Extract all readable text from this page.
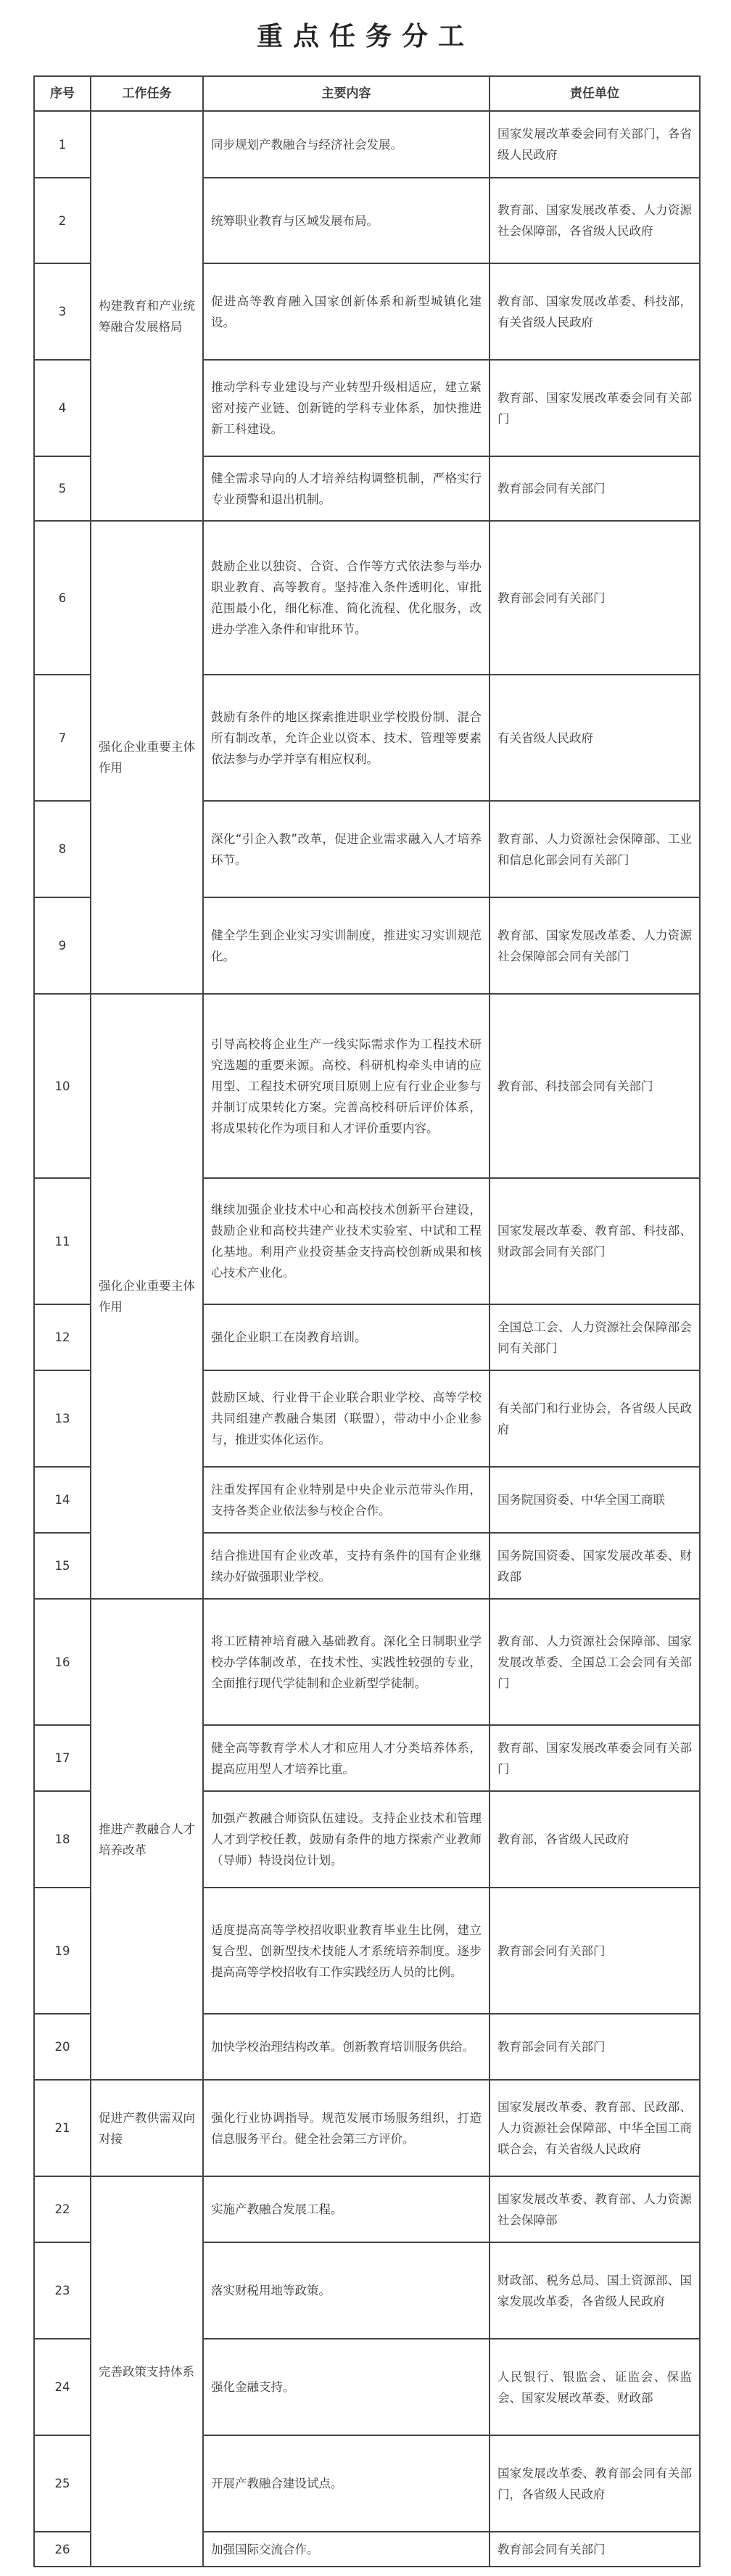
重点任务分工
序号	工作任务	主要内容	责任单位
1	构建教育和产业统筹融合发展格局	同步规划产教融合与经济社会发展。	国家发展改革委会同有关部门，各省级人民政府
2		统筹职业教育与区域发展布局。	教育部、国家发展改革委、人力资源社会保障部，各省级人民政府
3		促进高等教育融入国家创新体系和新型城镇化建设。	教育部、国家发展改革委、科技部，有关省级人民政府
4		推动学科专业建设与产业转型升级相适应，建立紧密对接产业链、创新链的学科专业体系，加快推进新工科建设。	教育部、国家发展改革委会同有关部门
5		健全需求导向的人才培养结构调整机制，严格实行专业预警和退出机制。	教育部会同有关部门
6	强化企业重要主体作用	鼓励企业以独资、合资、合作等方式依法参与举办职业教育、高等教育。坚持准入条件透明化、审批范围最小化，细化标准、简化流程、优化服务，改进办学准入条件和审批环节。	教育部会同有关部门
7		鼓励有条件的地区探索推进职业学校股份制、混合所有制改革，允许企业以资本、技术、管理等要素依法参与办学并享有相应权利。	有关省级人民政府
8		深化“引企入教”改革，促进企业需求融入人才培养环节。	教育部、人力资源社会保障部、工业和信息化部会同有关部门
9		健全学生到企业实习实训制度，推进实习实训规范化。	教育部、国家发展改革委、人力资源社会保障部会同有关部门
10	强化企业重要主体作用	引导高校将企业生产一线实际需求作为工程技术研究选题的重要来源。高校、科研机构牵头申请的应用型、工程技术研究项目原则上应有行业企业参与并制订成果转化方案。完善高校科研后评价体系，将成果转化作为项目和人才评价重要内容。	教育部、科技部会同有关部门
11		继续加强企业技术中心和高校技术创新平台建设，鼓励企业和高校共建产业技术实验室、中试和工程化基地。利用产业投资基金支持高校创新成果和核心技术产业化。	国家发展改革委、教育部、科技部、财政部会同有关部门
12		强化企业职工在岗教育培训。	全国总工会、人力资源社会保障部会同有关部门
13		鼓励区域、行业骨干企业联合职业学校、高等学校共同组建产教融合集团（联盟），带动中小企业参与，推进实体化运作。	有关部门和行业协会，各省级人民政府
14		注重发挥国有企业特别是中央企业示范带头作用，支持各类企业依法参与校企合作。	国务院国资委、中华全国工商联
15		结合推进国有企业改革，支持有条件的国有企业继续办好做强职业学校。	国务院国资委、国家发展改革委、财政部
16	推进产教融合人才培养改革	将工匠精神培育融入基础教育。深化全日制职业学校办学体制改革，在技术性、实践性较强的专业，全面推行现代学徒制和企业新型学徒制。	教育部、人力资源社会保障部、国家发展改革委、全国总工会会同有关部门
17		健全高等教育学术人才和应用人才分类培养体系，提高应用型人才培养比重。	教育部、国家发展改革委会同有关部门
18		加强产教融合师资队伍建设。支持企业技术和管理人才到学校任教，鼓励有条件的地方探索产业教师（导师）特设岗位计划。	教育部，各省级人民政府
19		适度提高高等学校招收职业教育毕业生比例，建立复合型、创新型技术技能人才系统培养制度。逐步提高高等学校招收有工作实践经历人员的比例。	教育部会同有关部门
20		加快学校治理结构改革。创新教育培训服务供给。	教育部会同有关部门
21	促进产教供需双向对接	强化行业协调指导。规范发展市场服务组织，打造信息服务平台。健全社会第三方评价。	国家发展改革委、教育部、民政部、人力资源社会保障部、中华全国工商联合会，有关省级人民政府
22	完善政策支持体系	实施产教融合发展工程。	国家发展改革委、教育部、人力资源社会保障部
23		落实财税用地等政策。	财政部、税务总局、国土资源部、国家发展改革委，各省级人民政府
24		强化金融支持。	人民银行、银监会、证监会、保监会、国家发展改革委、财政部
25		开展产教融合建设试点。	国家发展改革委、教育部会同有关部门，各省级人民政府
26		加强国际交流合作。	教育部会同有关部门
